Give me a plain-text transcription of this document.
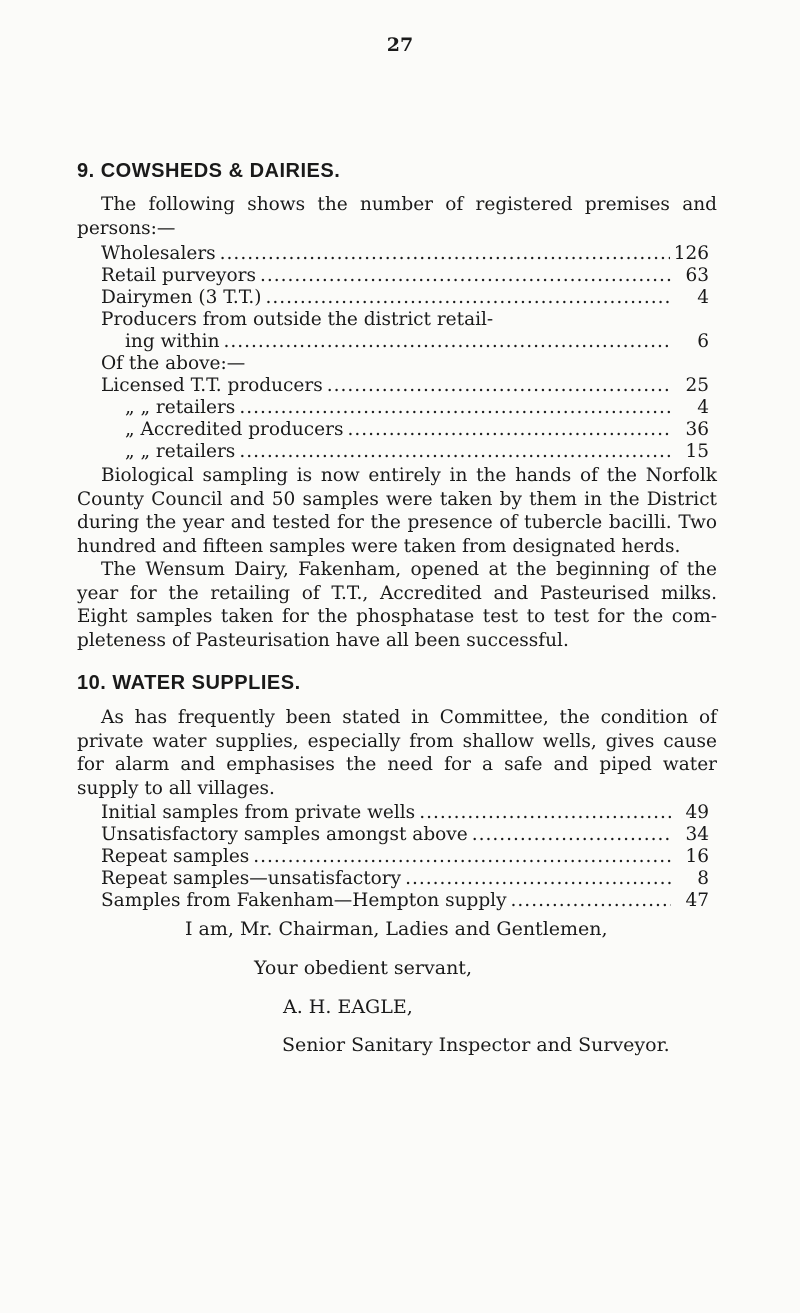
27
9. COWSHEDS & DAIRIES.
The following shows the number of registered premises and persons:—
Wholesalers .....	126
Retail purveyors .....	63
Dairymen (3 T.T.) .....	4
Producers from outside the district retail-
ing within .....	6
Of the above:—
Licensed T.T. producers .....	25
„ „ retailers .....	4
„ Accredited producers .....	36
„ „ retailers .....	15
Biological sampling is now entirely in the hands of the Norfolk County Council and 50 samples were taken by them in the District during the year and tested for the presence of tubercle bacilli. Two hundred and fifteen samples were taken from designated herds.
The Wensum Dairy, Fakenham, opened at the beginning of the year for the retailing of T.T., Accredited and Pasteurised milks. Eight samples taken for the phosphatase test to test for the com-pleteness of Pasteurisation have all been successful.
10. WATER SUPPLIES.
As has frequently been stated in Committee, the condition of private water supplies, especially from shallow wells, gives cause for alarm and emphasises the need for a safe and piped water supply to all villages.
Initial samples from private wells .....	49
Unsatisfactory samples amongst above .....	34
Repeat samples .....	16
Repeat samples—unsatisfactory .....	8
Samples from Fakenham—Hempton supply .....	47
I am, Mr. Chairman, Ladies and Gentlemen,
Your obedient servant,
A. H. EAGLE,
Senior Sanitary Inspector and Surveyor.
